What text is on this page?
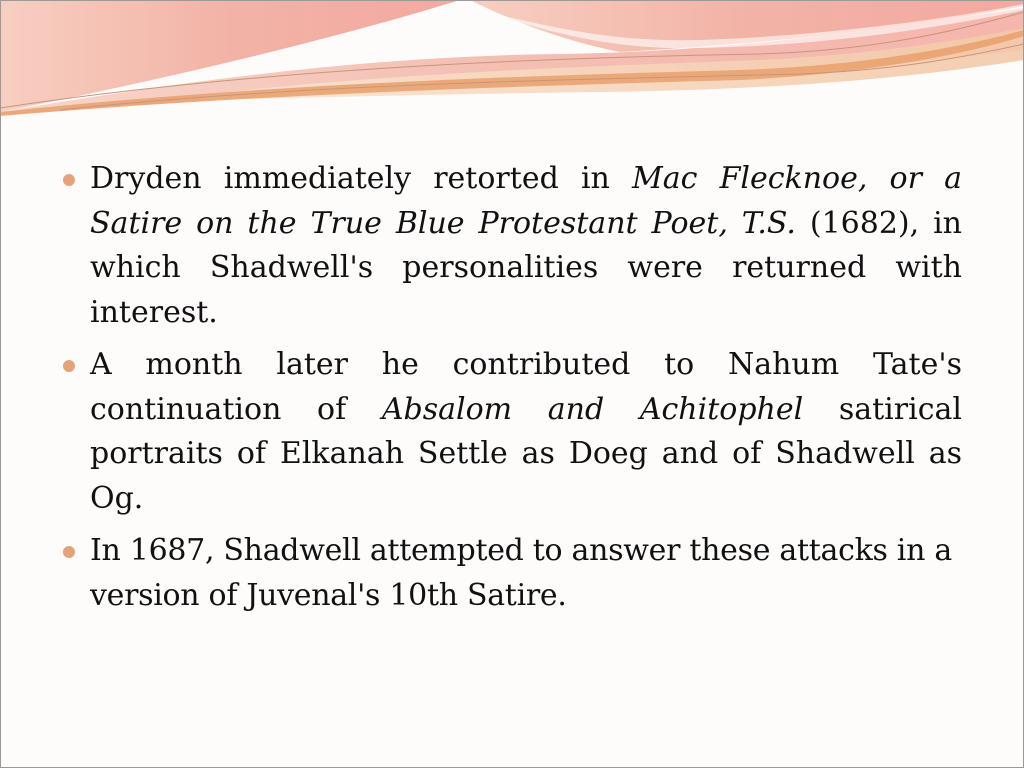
Dryden immediately retorted in Mac Flecknoe, or a Satire on the True Blue Protestant Poet, T.S. (1682), in which Shadwell's personalities were returned with interest.
A month later he contributed to Nahum Tate's continuation of Absalom and Achitophel satirical portraits of Elkanah Settle as Doeg and of Shadwell as Og.
In 1687, Shadwell attempted to answer these attacks in a version of Juvenal's 10th Satire.
